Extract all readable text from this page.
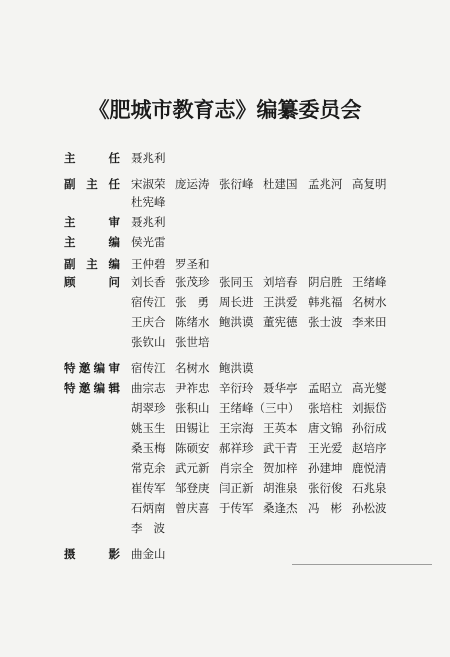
《肥城市教育志》编纂委员会
主	任 聂兆利
副 主 任 宋淑荣 庞运涛 张衍峰 杜建国 孟兆河 高复明
杜宪峰
主	审 聂兆利
主	编 侯光雷
副 主 编 王仲碧 罗圣和
顾	问 刘长香 张茂珍 张同玉 刘培春 阴启胜 王绪峰
宿传江 张勇 周长进 王洪爱 韩兆福 名树水
王庆合 陈绪水 鲍洪谟 董宪德 张士波 李来田
张钦山 张世培
特 邀 编 审 宿传江 名树水 鲍洪谟
特 邀 编 辑 曲宗志 尹祚忠 辛衍玲 聂华亭 孟昭立 高光燮
胡翠珍 张积山 王绪峰（三中） 张培柱 刘振岱
姚玉生 田锡让 王宗海 王英本 唐文锦 孙衍成
桑玉梅 陈硕安 郝祥珍 武干青 王光爱 赵培序
常克余 武元新 肖宗全 贺加梓 孙建坤 鹿悦清
崔传军 邹登庚 闫正新 胡淮泉 张衍俊 石兆泉
石炳南 曾庆喜 于传军 桑逢杰 冯彬 孙松波
李波
摄	影 曲金山
